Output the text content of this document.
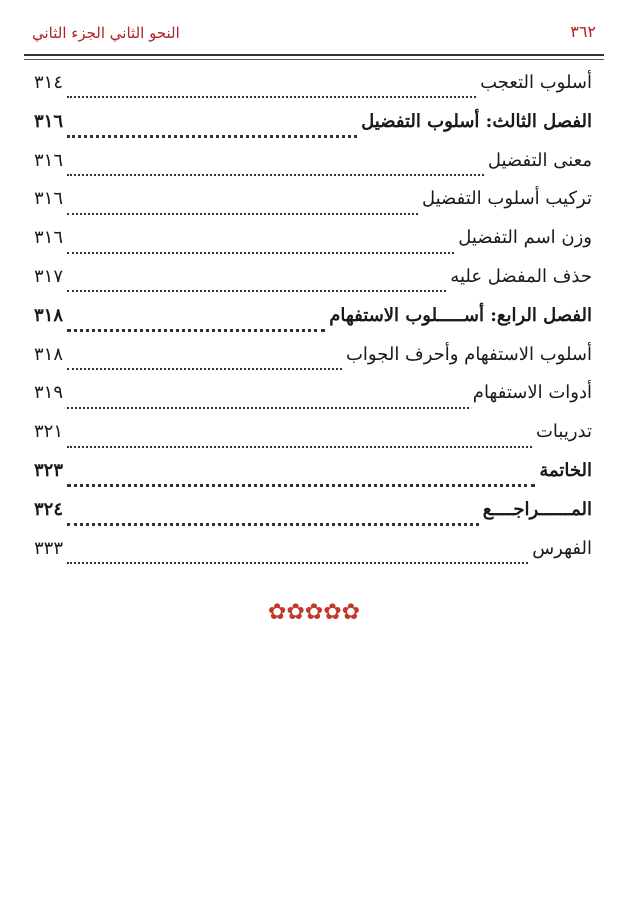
النحو الثاني الجزء الثاني	٣٦٢
أسلوب التعجب
٣١٤
الفصل الثالث: أسلوب التفضيل
٣١٦
معنى التفضيل
٣١٦
تركيب أسلوب التفضيل
٣١٦
وزن اسم التفضيل
٣١٦
حذف المفضل عليه
٣١٧
الفصل الرابع: أســـــلوب الاستفهام
٣١٨
أسلوب الاستفهام وأحرف الجواب
٣١٨
أدوات الاستفهام
٣١٩
تدريبات
٣٢١
الخاتمة
٣٢٣
المــــــراجــــع
٣٢٤
الفهرس
٣٣٣
✿✿✿✿✿
